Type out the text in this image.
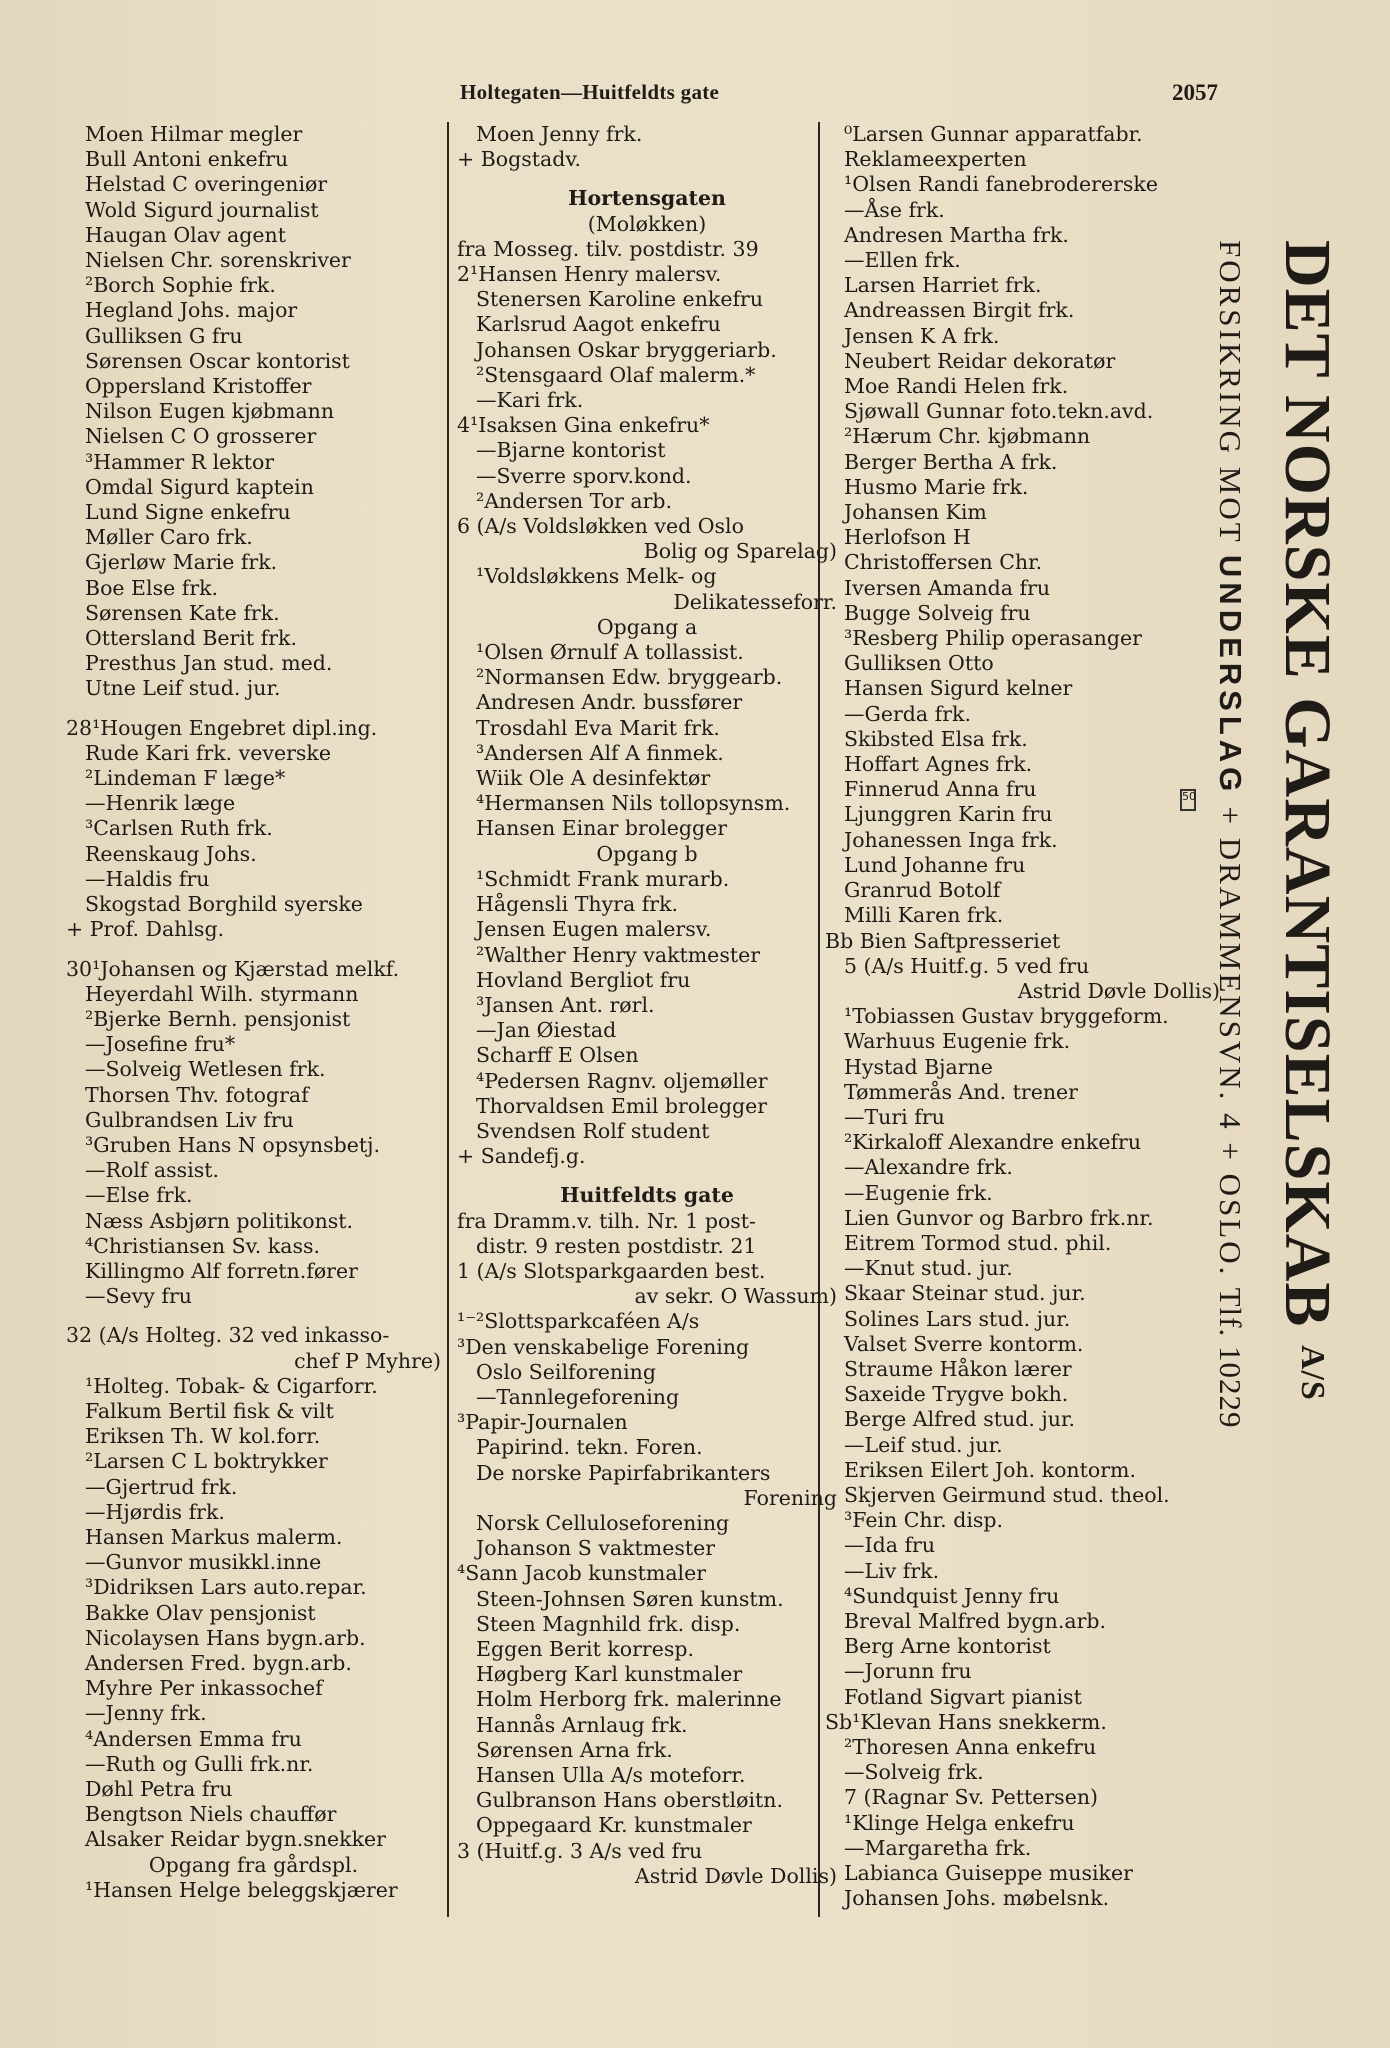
Holtegaten—Huitfeldts gate	2057
Moen Hilmar megler
Bull Antoni enkefru
Helstad C overingeniør
Wold Sigurd journalist
Haugan Olav agent
Nielsen Chr. sorenskriver
²Borch Sophie frk.
Hegland Johs. major
Gulliksen G fru
Sørensen Oscar kontorist
Oppersland Kristoffer
Nilson Eugen kjøbmann
Nielsen C O grosserer
³Hammer R lektor
Omdal Sigurd kaptein
Lund Signe enkefru
Møller Caro frk.
Gjerløw Marie frk.
Boe Else frk.
Sørensen Kate frk.
Ottersland Berit frk.
Presthus Jan stud. med.
Utne Leif stud. jur.
28¹Hougen Engebret dipl.ing.
Rude Kari frk. veverske
²Lindeman F læge*
—Henrik læge
³Carlsen Ruth frk.
Reenskaug Johs.
—Haldis fru
Skogstad Borghild syerske
+ Prof. Dahlsg.
30¹Johansen og Kjærstad melkf.
Heyerdahl Wilh. styrmann
²Bjerke Bernh. pensjonist
—Josefine fru*
—Solveig Wetlesen frk.
Thorsen Thv. fotograf
Gulbrandsen Liv fru
³Gruben Hans N opsynsbetj.
—Rolf assist.
—Else frk.
Næss Asbjørn politikonst.
⁴Christiansen Sv. kass.
Killingmo Alf forretn.fører
—Sevy fru
32 (A/s Holteg. 32 ved inkasso-
chef P Myhre)
¹Holteg. Tobak- & Cigarforr.
Falkum Bertil fisk & vilt
Eriksen Th. W kol.forr.
²Larsen C L boktrykker
—Gjertrud frk.
—Hjørdis frk.
Hansen Markus malerm.
—Gunvor musikkl.inne
³Didriksen Lars auto.repar.
Bakke Olav pensjonist
Nicolaysen Hans bygn.arb.
Andersen Fred. bygn.arb.
Myhre Per inkassochef
—Jenny frk.
⁴Andersen Emma fru
—Ruth og Gulli frk.nr.
Døhl Petra fru
Bengtson Niels chauffør
Alsaker Reidar bygn.snekker
Opgang fra gårdspl.
¹Hansen Helge beleggskjærer
Moen Jenny frk.
+ Bogstadv.
Hortensgaten
(Moløkken)
fra Mosseg. tilv. postdistr. 39
2¹Hansen Henry malersv.
Stenersen Karoline enkefru
Karlsrud Aagot enkefru
Johansen Oskar bryggeriarb.
²Stensgaard Olaf malerm.*
—Kari frk.
4¹Isaksen Gina enkefru*
—Bjarne kontorist
—Sverre sporv.kond.
²Andersen Tor arb.
6 (A/s Voldsløkken ved Oslo
Bolig og Sparelag)
¹Voldsløkkens Melk- og
Delikatesseforr.
Opgang a
¹Olsen Ørnulf A tollassist.
²Normansen Edw. bryggearb.
Andresen Andr. bussfører
Trosdahl Eva Marit frk.
³Andersen Alf A finmek.
Wiik Ole A desinfektør
⁴Hermansen Nils tollopsynsm.
Hansen Einar brolegger
Opgang b
¹Schmidt Frank murarb.
Hågensli Thyra frk.
Jensen Eugen malersv.
²Walther Henry vaktmester
Hovland Bergliot fru
³Jansen Ant. rørl.
—Jan Øiestad
Scharff E Olsen
⁴Pedersen Ragnv. oljemøller
Thorvaldsen Emil brolegger
Svendsen Rolf student
+ Sandefj.g.
Huitfeldts gate
fra Dramm.v. tilh. Nr. 1 post-
distr. 9 resten postdistr. 21
1 (A/s Slotsparkgaarden best.
av sekr. O Wassum)
¹⁻²Slottsparkcaféen A/s
³Den venskabelige Forening
Oslo Seilforening
—Tannlegeforening
³Papir-Journalen
Papirind. tekn. Foren.
De norske Papirfabrikanters
Forening
Norsk Celluloseforening
Johanson S vaktmester
⁴Sann Jacob kunstmaler
Steen-Johnsen Søren kunstm.
Steen Magnhild frk. disp.
Eggen Berit korresp.
Høgberg Karl kunstmaler
Holm Herborg frk. malerinne
Hannås Arnlaug frk.
Sørensen Arna frk.
Hansen Ulla A/s moteforr.
Gulbranson Hans oberstløitn.
Oppegaard Kr. kunstmaler
3 (Huitf.g. 3 A/s ved fru
Astrid Døvle Dollis)
⁰Larsen Gunnar apparatfabr.
Reklameexperten
¹Olsen Randi fanebrodererske
—Åse frk.
Andresen Martha frk.
—Ellen frk.
Larsen Harriet frk.
Andreassen Birgit frk.
Jensen K A frk.
Neubert Reidar dekoratør
Moe Randi Helen frk.
Sjøwall Gunnar foto.tekn.avd.
²Hærum Chr. kjøbmann
Berger Bertha A frk.
Husmo Marie frk.
Johansen Kim
Herlofson H
Christoffersen Chr.
Iversen Amanda fru
Bugge Solveig fru
³Resberg Philip operasanger
Gulliksen Otto
Hansen Sigurd kelner
—Gerda frk.
Skibsted Elsa frk.
Hoffart Agnes frk.
Finnerud Anna fru
Ljunggren Karin fru
Johanessen Inga frk.
Lund Johanne fru
Granrud Botolf
Milli Karen frk.
Bb Bien Saftpresseriet
5 (A/s Huitf.g. 5 ved fru
Astrid Døvle Dollis)
¹Tobiassen Gustav bryggeform.
Warhuus Eugenie frk.
Hystad Bjarne
Tømmerås And. trener
—Turi fru
²Kirkaloff Alexandre enkefru
—Alexandre frk.
—Eugenie frk.
Lien Gunvor og Barbro frk.nr.
Eitrem Tormod stud. phil.
—Knut stud. jur.
Skaar Steinar stud. jur.
Solines Lars stud. jur.
Valset Sverre kontorm.
Straume Håkon lærer
Saxeide Trygve bokh.
Berge Alfred stud. jur.
—Leif stud. jur.
Eriksen Eilert Joh. kontorm.
Skjerven Geirmund stud. theol.
³Fein Chr. disp.
—Ida fru
—Liv frk.
⁴Sundquist Jenny fru
Breval Malfred bygn.arb.
Berg Arne kontorist
—Jorunn fru
Fotland Sigvart pianist
Sb¹Klevan Hans snekkerm.
²Thoresen Anna enkefru
—Solveig frk.
7 (Ragnar Sv. Pettersen)
¹Klinge Helga enkefru
—Margaretha frk.
Labianca Guiseppe musiker
Johansen Johs. møbelsnk.
DET NORSKE GARANTISELSKAB $^{A/S}$
FORSIKRING MOT UNDERSLAG + DRAMMENSVN. 4 + OSLO. Tlf. 10229
50
